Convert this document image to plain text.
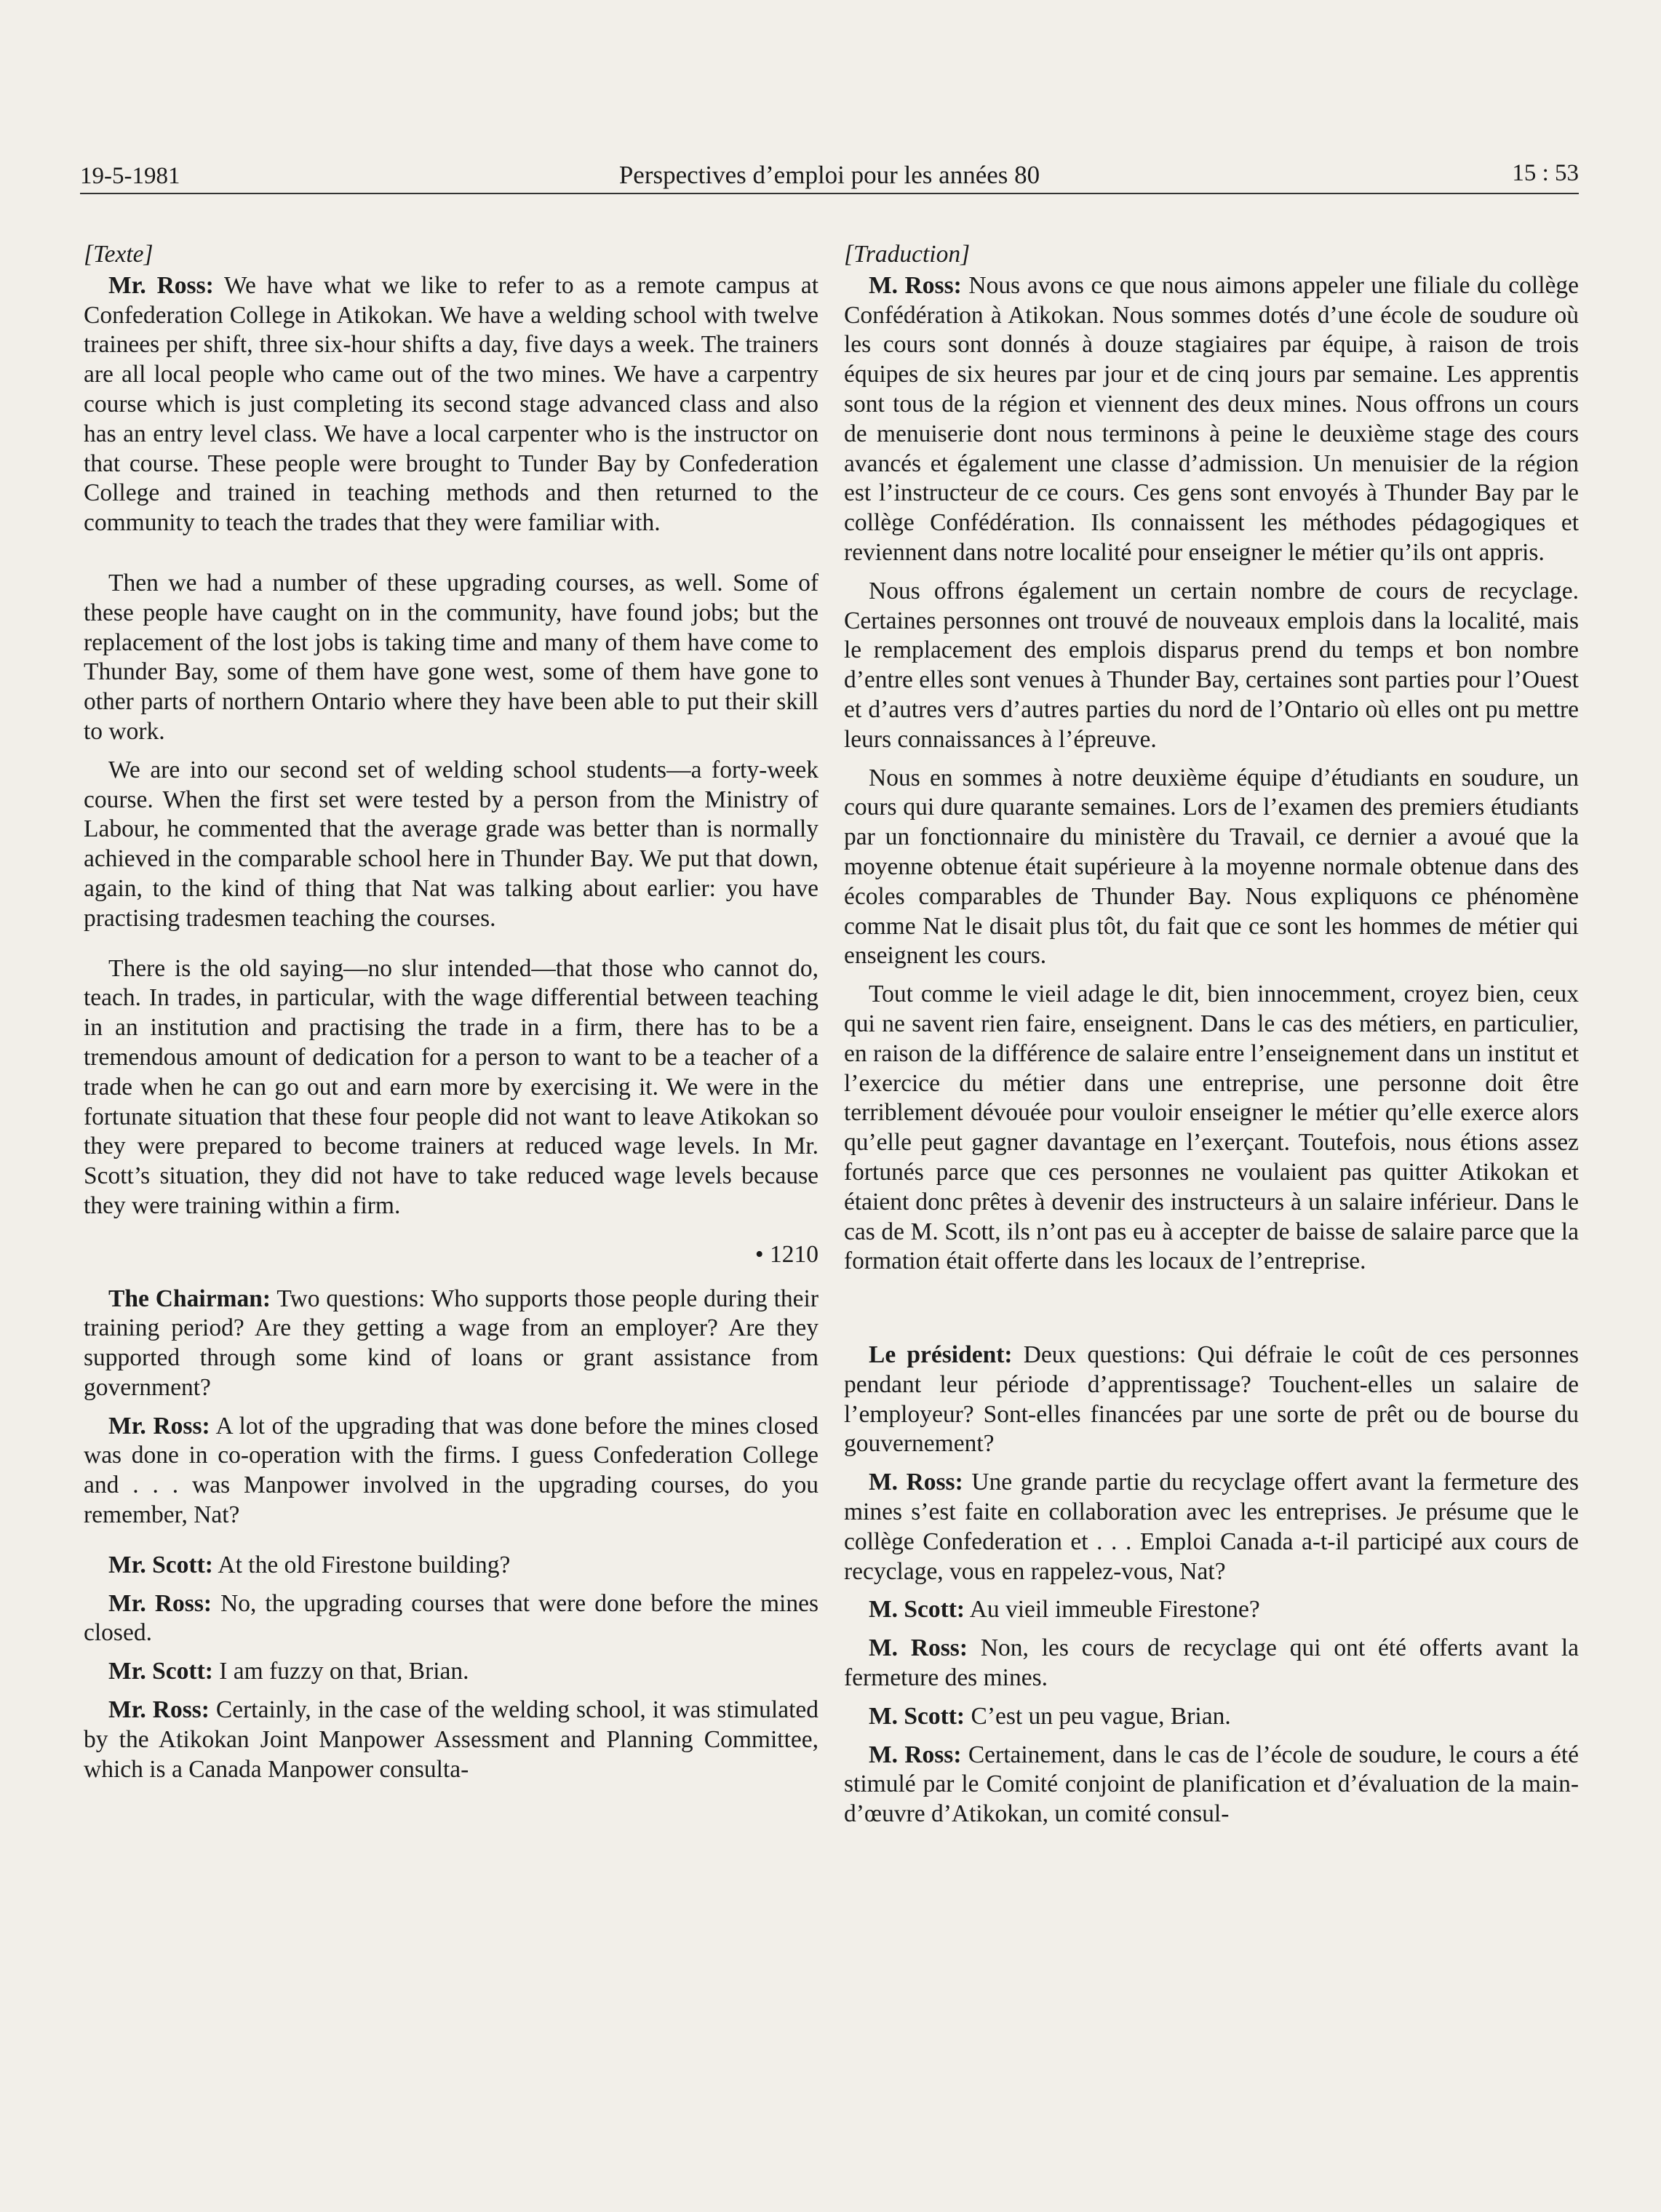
19-5-1981	Perspectives d’emploi pour les années 80	15 : 53

[Texte]

Mr. Ross: We have what we like to refer to as a remote campus at Confederation College in Atikokan. We have a welding school with twelve trainees per shift, three six-hour shifts a day, five days a week. The trainers are all local people who came out of the two mines. We have a carpentry course which is just completing its second stage advanced class and also has an entry level class. We have a local carpenter who is the instructor on that course. These people were brought to Tunder Bay by Confederation College and trained in teaching methods and then returned to the community to teach the trades that they were familiar with.

Then we had a number of these upgrading courses, as well. Some of these people have caught on in the community, have found jobs; but the replacement of the lost jobs is taking time and many of them have come to Thunder Bay, some of them have gone west, some of them have gone to other parts of northern Ontario where they have been able to put their skill to work.

We are into our second set of welding school students—a forty-week course. When the first set were tested by a person from the Ministry of Labour, he commented that the average grade was better than is normally achieved in the comparable school here in Thunder Bay. We put that down, again, to the kind of thing that Nat was talking about earlier: you have practising tradesmen teaching the courses.

There is the old saying—no slur intended—that those who cannot do, teach. In trades, in particular, with the wage differential between teaching in an institution and practising the trade in a firm, there has to be a tremendous amount of dedication for a person to want to be a teacher of a trade when he can go out and earn more by exercising it. We were in the fortunate situation that these four people did not want to leave Atikokan so they were prepared to become trainers at reduced wage levels. In Mr. Scott’s situation, they did not have to take reduced wage levels because they were training within a firm.

• 1210

The Chairman: Two questions: Who supports those people during their training period? Are they getting a wage from an employer? Are they supported through some kind of loans or grant assistance from government?

Mr. Ross: A lot of the upgrading that was done before the mines closed was done in co-operation with the firms. I guess Confederation College and . . . was Manpower involved in the upgrading courses, do you remember, Nat?

Mr. Scott: At the old Firestone building?

Mr. Ross: No, the upgrading courses that were done before the mines closed.

Mr. Scott: I am fuzzy on that, Brian.

Mr. Ross: Certainly, in the case of the welding school, it was stimulated by the Atikokan Joint Manpower Assessment and Planning Committee, which is a Canada Manpower consulta-

[Traduction]

M. Ross: Nous avons ce que nous aimons appeler une filiale du collège Confédération à Atikokan. Nous sommes dotés d’une école de soudure où les cours sont donnés à douze stagiaires par équipe, à raison de trois équipes de six heures par jour et de cinq jours par semaine. Les apprentis sont tous de la région et viennent des deux mines. Nous offrons un cours de menuiserie dont nous terminons à peine le deuxième stage des cours avancés et également une classe d’admission. Un menuisier de la région est l’instructeur de ce cours. Ces gens sont envoyés à Thunder Bay par le collège Confédération. Ils connaissent les méthodes pédagogiques et reviennent dans notre localité pour enseigner le métier qu’ils ont appris.

Nous offrons également un certain nombre de cours de recyclage. Certaines personnes ont trouvé de nouveaux emplois dans la localité, mais le remplacement des emplois disparus prend du temps et bon nombre d’entre elles sont venues à Thunder Bay, certaines sont parties pour l’Ouest et d’autres vers d’autres parties du nord de l’Ontario où elles ont pu mettre leurs connaissances à l’épreuve.

Nous en sommes à notre deuxième équipe d’étudiants en soudure, un cours qui dure quarante semaines. Lors de l’examen des premiers étudiants par un fonctionnaire du ministère du Travail, ce dernier a avoué que la moyenne obtenue était supérieure à la moyenne normale obtenue dans des écoles comparables de Thunder Bay. Nous expliquons ce phénomène comme Nat le disait plus tôt, du fait que ce sont les hommes de métier qui enseignent les cours.

Tout comme le vieil adage le dit, bien innocemment, croyez bien, ceux qui ne savent rien faire, enseignent. Dans le cas des métiers, en particulier, en raison de la différence de salaire entre l’enseignement dans un institut et l’exercice du métier dans une entreprise, une personne doit être terriblement dévouée pour vouloir enseigner le métier qu’elle exerce alors qu’elle peut gagner davantage en l’exerçant. Toutefois, nous étions assez fortunés parce que ces personnes ne voulaient pas quitter Atikokan et étaient donc prêtes à devenir des instructeurs à un salaire inférieur. Dans le cas de M. Scott, ils n’ont pas eu à accepter de baisse de salaire parce que la formation était offerte dans les locaux de l’entreprise.

Le président: Deux questions: Qui défraie le coût de ces personnes pendant leur période d’apprentissage? Touchent-elles un salaire de l’employeur? Sont-elles financées par une sorte de prêt ou de bourse du gouvernement?

M. Ross: Une grande partie du recyclage offert avant la fermeture des mines s’est faite en collaboration avec les entreprises. Je présume que le collège Confederation et . . . Emploi Canada a-t-il participé aux cours de recyclage, vous en rappelez-vous, Nat?

M. Scott: Au vieil immeuble Firestone?

M. Ross: Non, les cours de recyclage qui ont été offerts avant la fermeture des mines.

M. Scott: C’est un peu vague, Brian.

M. Ross: Certainement, dans le cas de l’école de soudure, le cours a été stimulé par le Comité conjoint de planification et d’évaluation de la main-d’œuvre d’Atikokan, un comité consul-
